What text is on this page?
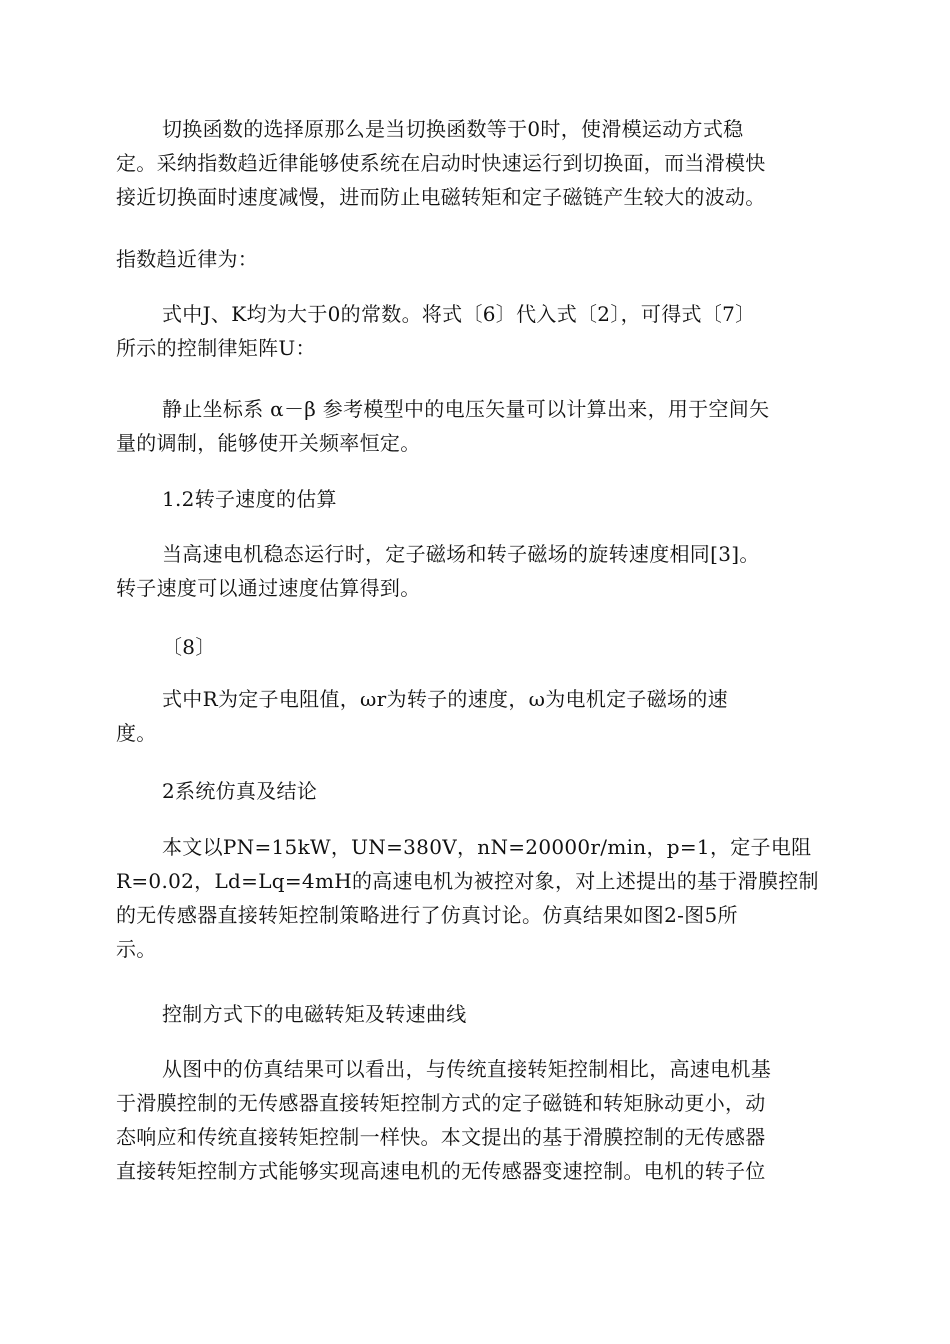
切换函数的选择原那么是当切换函数等于0时，使滑模运动方式稳
定。采纳指数趋近律能够使系统在启动时快速运行到切换面，而当滑模快
接近切换面时速度减慢，进而防止电磁转矩和定子磁链产生较大的波动。
指数趋近律为：
式中J、K均为大于0的常数。将式〔6〕代入式〔2〕，可得式〔7〕
所示的控制律矩阵U：
静止坐标系 α－β 参考模型中的电压矢量可以计算出来，用于空间矢
量的调制，能够使开关频率恒定。
1.2转子速度的估算
当高速电机稳态运行时，定子磁场和转子磁场的旋转速度相同[3]。
转子速度可以通过速度估算得到。
〔8〕
式中R为定子电阻值，ωr为转子的速度，ω为电机定子磁场的速
度。
2系统仿真及结论
本文以PN=15kW，UN=380V，nN=20000r/min，p=1，定子电阻
R=0.02，Ld=Lq=4mH的高速电机为被控对象，对上述提出的基于滑膜控制
的无传感器直接转矩控制策略进行了仿真讨论。仿真结果如图2-图5所
示。
控制方式下的电磁转矩及转速曲线
从图中的仿真结果可以看出，与传统直接转矩控制相比，高速电机基
于滑膜控制的无传感器直接转矩控制方式的定子磁链和转矩脉动更小，动
态响应和传统直接转矩控制一样快。本文提出的基于滑膜控制的无传感器
直接转矩控制方式能够实现高速电机的无传感器变速控制。电机的转子位
